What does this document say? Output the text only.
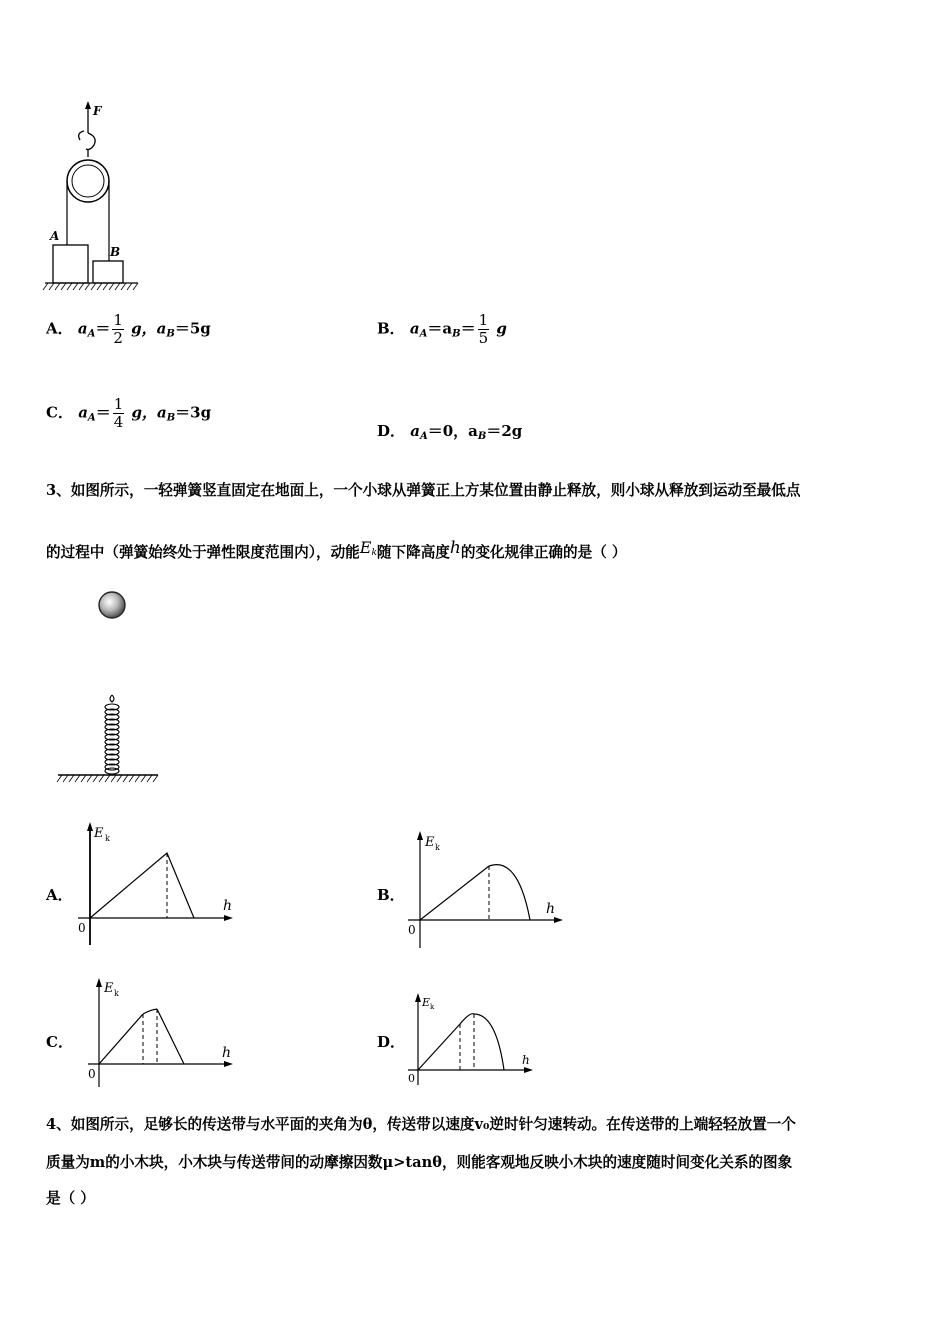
F
A
B
A． $a_A= \frac{1}{2}$ g，$a_B=5g$	B． $a_A=a_B= \frac{1}{5}$ g
C． $a_A= \frac{1}{4}$ g，$a_B=3g$
D． $a_A=0$，$a_B=2g$
3、如图所示，一轻弹簧竖直固定在地面上，一个小球从弹簧正上方某位置由静止释放，则小球从释放到运动至最低点
的过程中（弹簧始终处于弹性限度范围内），动能Ek随下降高度h的变化规律正确的是（ ）
A．
E k
h
0
B．
E k
h
0
C．
E k
h
0
D．
E k
h
0
4、如图所示，足够长的传送带与水平面的夹角为θ，传送带以速度v₀逆时针匀速转动。在传送带的上端轻轻放置一个
质量为m的小木块，小木块与传送带间的动摩擦因数μ>tanθ，则能客观地反映小木块的速度随时间变化关系的图象
是（ ）
